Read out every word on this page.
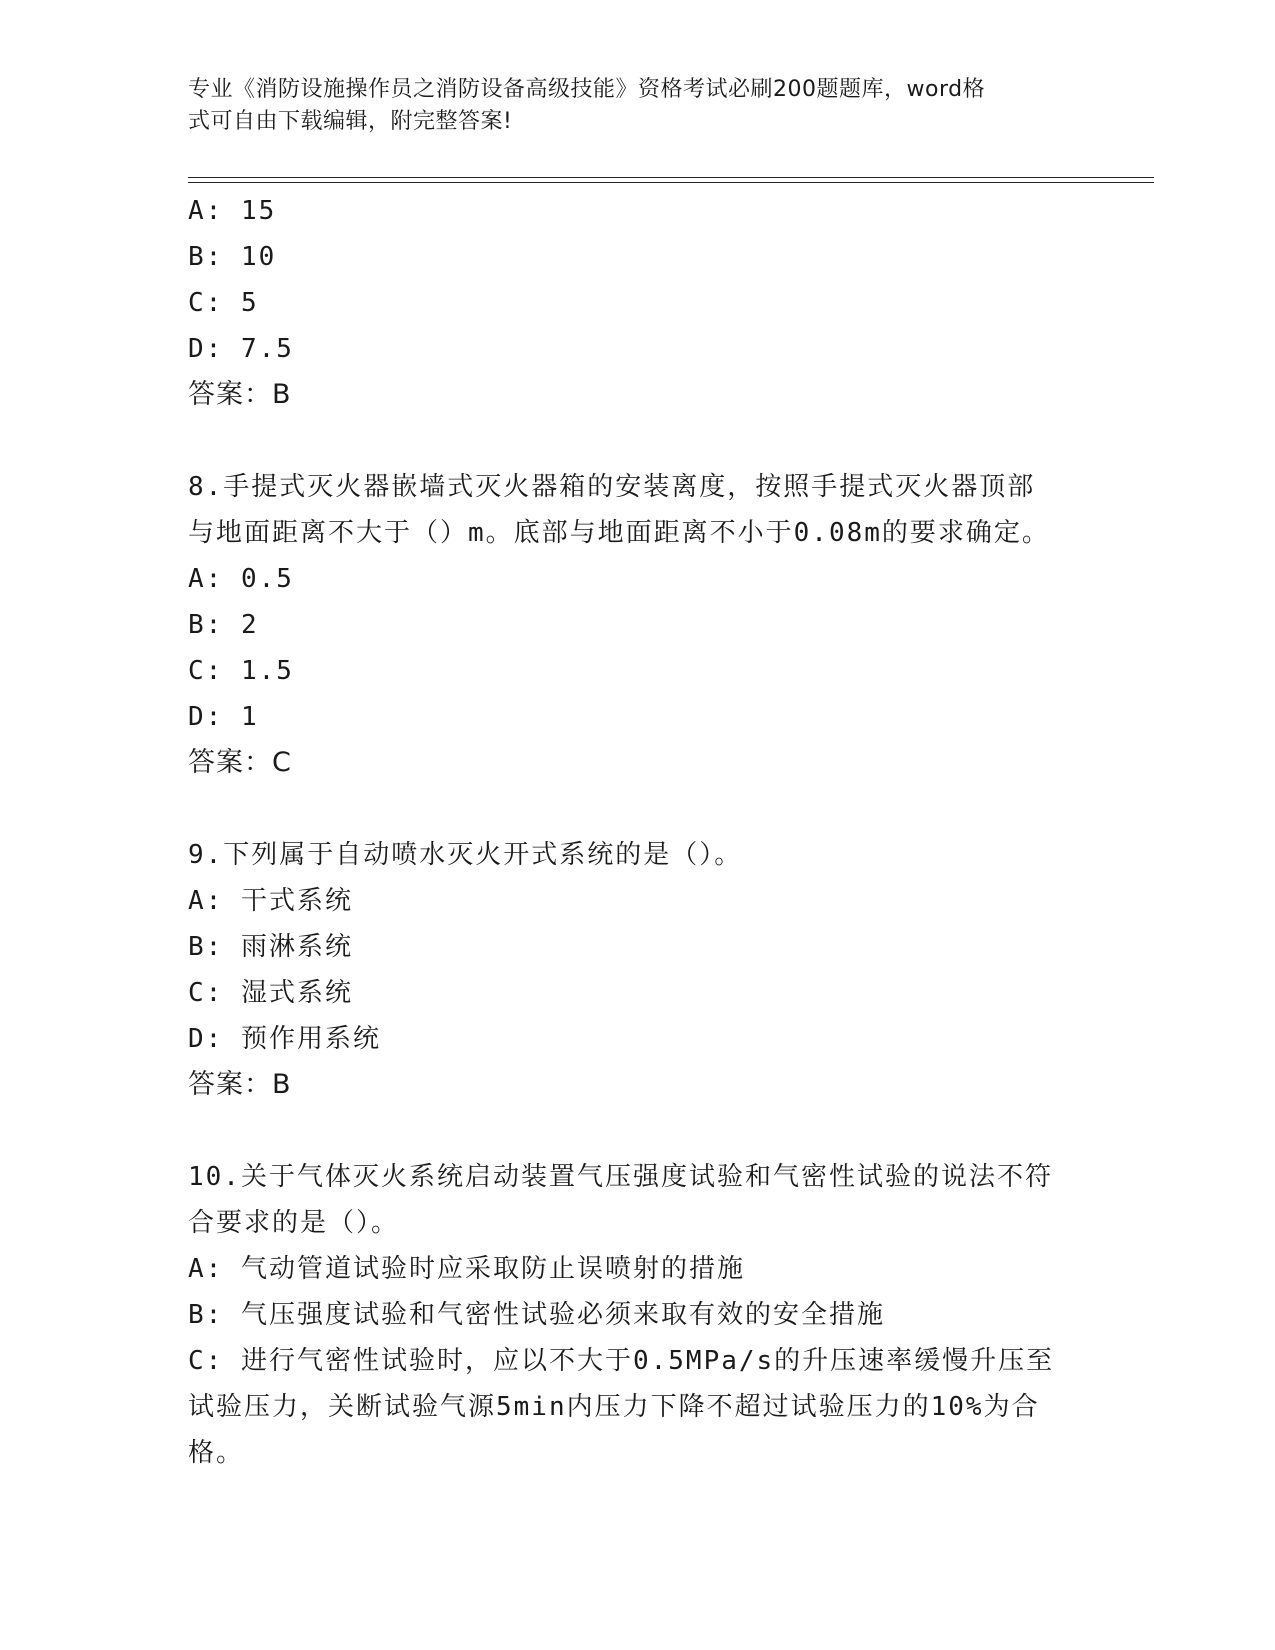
专业《消防设施操作员之消防设备高级技能》资格考试必刷200题题库，word格
式可自由下载编辑，附完整答案!
A: 15
B: 10
C: 5
D: 7.5
答案：B
8.手提式灭火器嵌墙式灭火器箱的安装离度，按照手提式灭火器顶部
与地面距离不大于（）m。底部与地面距离不小于0.08m的要求确定。
A: 0.5
B: 2
C: 1.5
D: 1
答案：C
9.下列属于自动喷水灭火开式系统的是（）。
A: 干式系统
B: 雨淋系统
C: 湿式系统
D: 预作用系统
答案：B
10.关于气体灭火系统启动装置气压强度试验和气密性试验的说法不符
合要求的是（）。
A: 气动管道试验时应采取防止误喷射的措施
B: 气压强度试验和气密性试验必须来取有效的安全措施
C: 进行气密性试验时，应以不大于0.5MPa/s的升压速率缓慢升压至
试验压力，关断试验气源5min内压力下降不超过试验压力的10%为合
格。
